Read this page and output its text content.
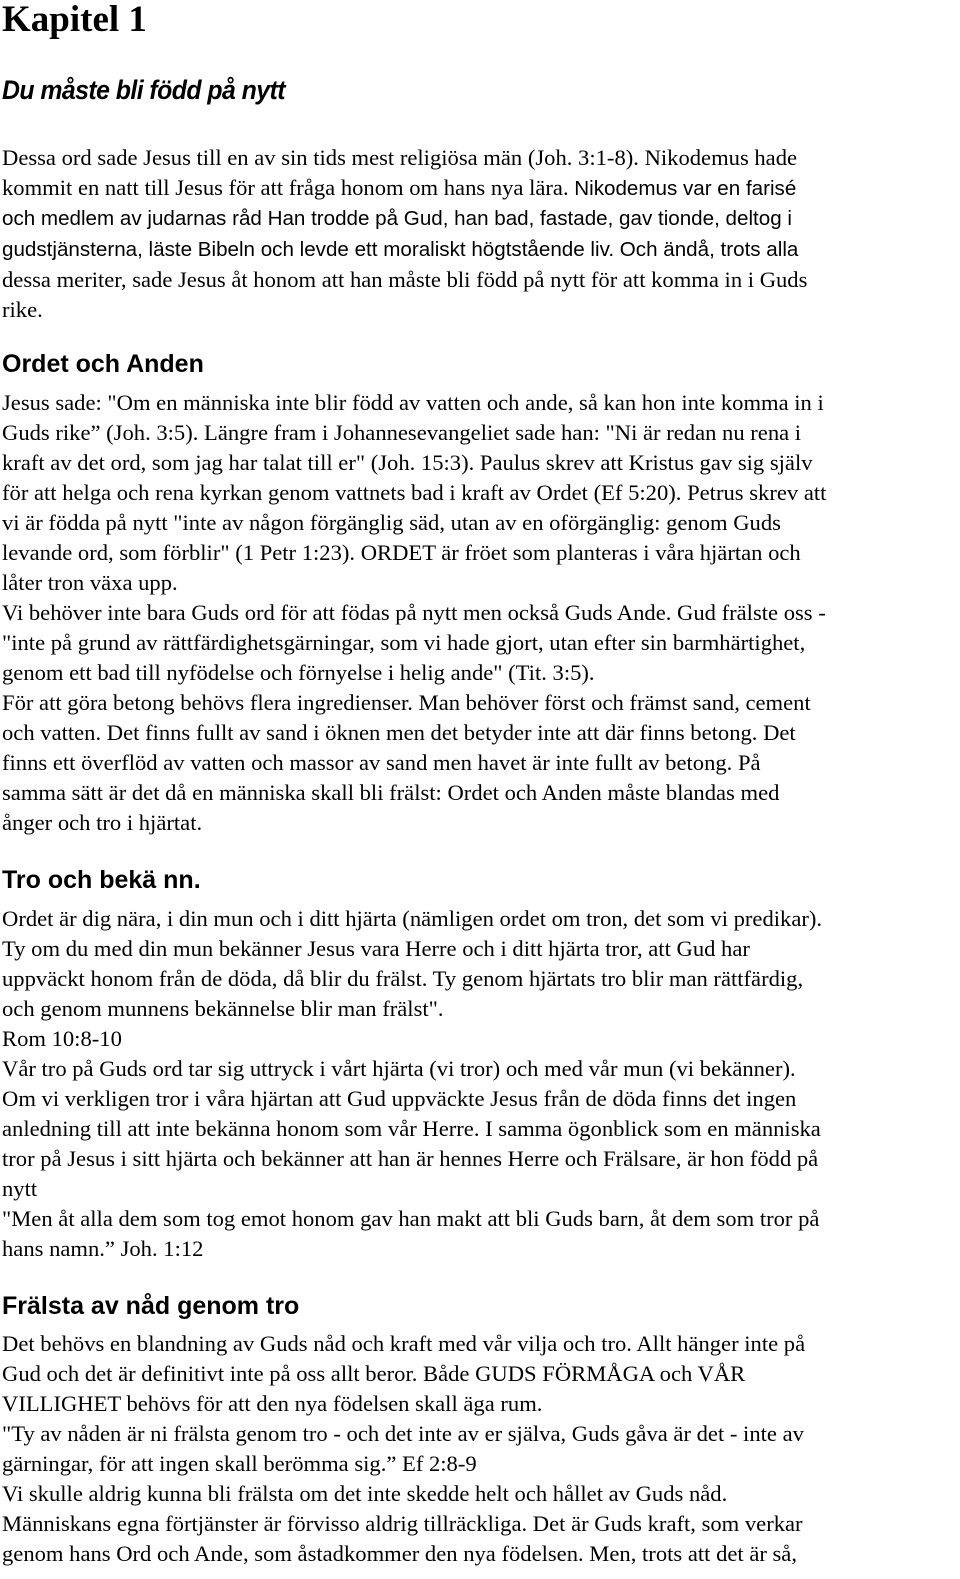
Kapitel 1
Du måste bli född på nytt
Dessa ord sade Jesus till en av sin tids mest religiösa män (Joh. 3:1-8). Nikodemus hade
kommit en natt till Jesus för att fråga honom om hans nya lära. Nikodemus var en farisé
och medlem av judarnas råd Han trodde på Gud, han bad, fastade, gav tionde, deltog i
gudstjänsterna, läste Bibeln och levde ett moraliskt högtstående liv. Och ändå, trots alla
dessa meriter, sade Jesus åt honom att han måste bli född på nytt för att komma in i Guds
rike.
Ordet och Anden
Jesus sade: "Om en människa inte blir född av vatten och ande, så kan hon inte komma in i
Guds rike” (Joh. 3:5). Längre fram i Johannesevangeliet sade han: "Ni är redan nu rena i
kraft av det ord, som jag har talat till er" (Joh. 15:3). Paulus skrev att Kristus gav sig själv
för att helga och rena kyrkan genom vattnets bad i kraft av Ordet (Ef 5:20). Petrus skrev att
vi är födda på nytt "inte av någon förgänglig säd, utan av en oförgänglig: genom Guds
levande ord, som förblir" (1 Petr 1:23). ORDET är fröet som planteras i våra hjärtan och
låter tron växa upp.
Vi behöver inte bara Guds ord för att födas på nytt men också Guds Ande. Gud frälste oss -
"inte på grund av rättfärdighetsgärningar, som vi hade gjort, utan efter sin barmhärtighet,
genom ett bad till nyfödelse och förnyelse i helig ande" (Tit. 3:5).
För att göra betong behövs flera ingredienser. Man behöver först och främst sand, cement
och vatten. Det finns fullt av sand i öknen men det betyder inte att där finns betong. Det
finns ett överflöd av vatten och massor av sand men havet är inte fullt av betong. På
samma sätt är det då en människa skall bli frälst: Ordet och Anden måste blandas med
ånger och tro i hjärtat.
Tro och bekä nn.
Ordet är dig nära, i din mun och i ditt hjärta (nämligen ordet om tron, det som vi predikar).
Ty om du med din mun bekänner Jesus vara Herre och i ditt hjärta tror, att Gud har
uppväckt honom från de döda, då blir du frälst. Ty genom hjärtats tro blir man rättfärdig,
och genom munnens bekännelse blir man frälst".
Rom 10:8-10
Vår tro på Guds ord tar sig uttryck i vårt hjärta (vi tror) och med vår mun (vi bekänner).
Om vi verkligen tror i våra hjärtan att Gud uppväckte Jesus från de döda finns det ingen
anledning till att inte bekänna honom som vår Herre. I samma ögonblick som en människa
tror på Jesus i sitt hjärta och bekänner att han är hennes Herre och Frälsare, är hon född på
nytt
"Men åt alla dem som tog emot honom gav han makt att bli Guds barn, åt dem som tror på
hans namn.” Joh. 1:12
Frälsta av nåd genom tro
Det behövs en blandning av Guds nåd och kraft med vår vilja och tro. Allt hänger inte på
Gud och det är definitivt inte på oss allt beror. Både GUDS FÖRMÅGA och VÅR
VILLIGHET behövs för att den nya födelsen skall äga rum.
"Ty av nåden är ni frälsta genom tro - och det inte av er själva, Guds gåva är det - inte av
gärningar, för att ingen skall berömma sig.” Ef 2:8-9
Vi skulle aldrig kunna bli frälsta om det inte skedde helt och hållet av Guds nåd.
Människans egna förtjänster är förvisso aldrig tillräckliga. Det är Guds kraft, som verkar
genom hans Ord och Ande, som åstadkommer den nya födelsen. Men, trots att det är så,
